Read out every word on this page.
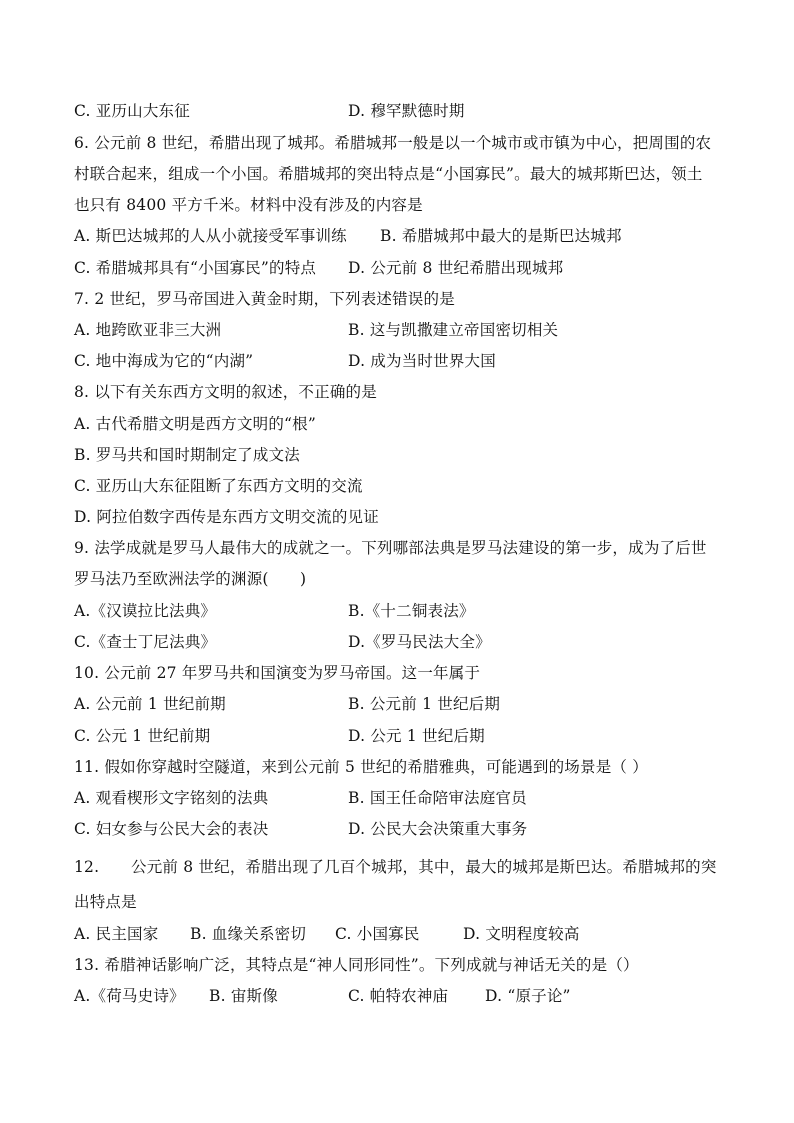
C. 亚历山大东征	D. 穆罕默德时期
6. 公元前 8 世纪，希腊出现了城邦。希腊城邦一般是以一个城市或市镇为中心，把周围的农
村联合起来，组成一个小国。希腊城邦的突出特点是“小国寡民”。最大的城邦斯巴达，领土
也只有 8400 平方千米。材料中没有涉及的内容是
A. 斯巴达城邦的人从小就接受军事训练 B. 希腊城邦中最大的是斯巴达城邦
C. 希腊城邦具有“小国寡民”的特点 D. 公元前 8 世纪希腊出现城邦
7. 2 世纪，罗马帝国进入黄金时期，下列表述错误的是
A. 地跨欧亚非三大洲	B. 这与凯撒建立帝国密切相关
C. 地中海成为它的“内湖”	D. 成为当时世界大国
8. 以下有关东西方文明的叙述，不正确的是
A. 古代希腊文明是西方文明的“根”
B. 罗马共和国时期制定了成文法
C. 亚历山大东征阻断了东西方文明的交流
D. 阿拉伯数字西传是东西方文明交流的见证
9. 法学成就是罗马人最伟大的成就之一。下列哪部法典是罗马法建设的第一步，成为了后世
罗马法乃至欧洲法学的渊源(　　)
A.《汉谟拉比法典》	B.《十二铜表法》
C.《查士丁尼法典》	D.《罗马民法大全》
10. 公元前 27 年罗马共和国演变为罗马帝国。这一年属于
A. 公元前 1 世纪前期	B. 公元前 1 世纪后期
C. 公元 1 世纪前期	D. 公元 1 世纪后期
11. 假如你穿越时空隧道，来到公元前 5 世纪的希腊雅典，可能遇到的场景是（ ）
A. 观看楔形文字铭刻的法典	B. 国王任命陪审法庭官员
C. 妇女参与公民大会的表决	D. 公民大会决策重大事务
12. 公元前 8 世纪，希腊出现了几百个城邦，其中，最大的城邦是斯巴达。希腊城邦的突
出特点是
A. 民主国家 B. 血缘关系密切 C. 小国寡民	D. 文明程度较高
13. 希腊神话影响广泛，其特点是“神人同形同性”。下列成就与神话无关的是（）
A.《荷马史诗》 B. 宙斯像	C. 帕特农神庙 D. “原子论”
